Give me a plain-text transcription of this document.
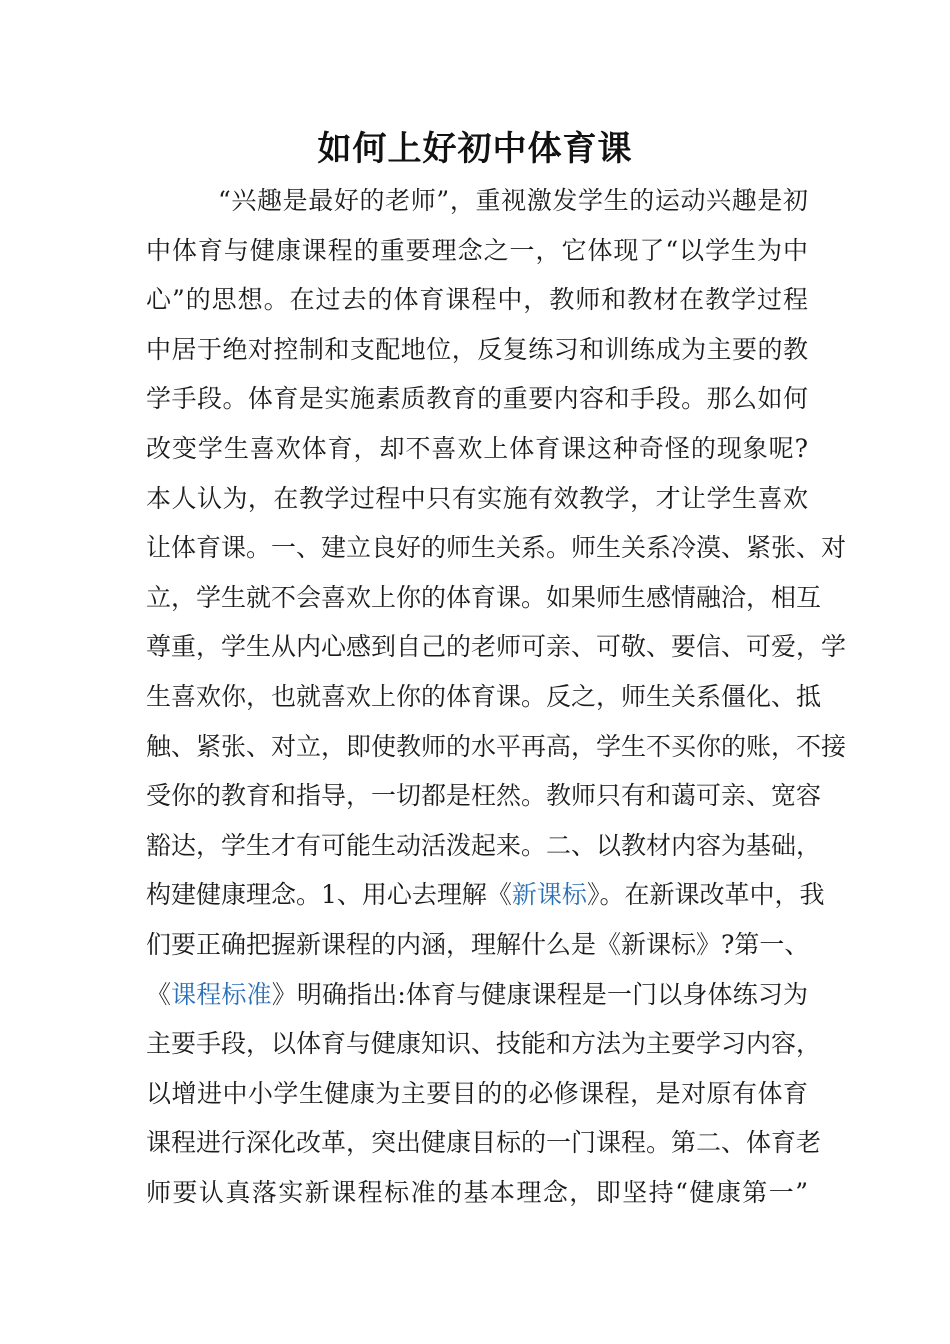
如何上好初中体育课
“兴趣是最好的老师”，重视激发学生的运动兴趣是初
中体育与健康课程的重要理念之一，它体现了“以学生为中
心”的思想。在过去的体育课程中，教师和教材在教学过程
中居于绝对控制和支配地位，反复练习和训练成为主要的教
学手段。体育是实施素质教育的重要内容和手段。那么如何
改变学生喜欢体育，却不喜欢上体育课这种奇怪的现象呢?
本人认为，在教学过程中只有实施有效教学，才让学生喜欢
让体育课。一、建立良好的师生关系。师生关系冷漠、紧张、对
立，学生就不会喜欢上你的体育课。如果师生感情融洽，相互
尊重，学生从内心感到自己的老师可亲、可敬、要信、可爱，学
生喜欢你，也就喜欢上你的体育课。反之，师生关系僵化、抵
触、紧张、对立，即使教师的水平再高，学生不买你的账，不接
受你的教育和指导，一切都是枉然。教师只有和蔼可亲、宽容
豁达，学生才有可能生动活泼起来。二、以教材内容为基础，
构建健康理念。1、用心去理解《新课标》。在新课改革中，我
们要正确把握新课程的内涵，理解什么是《新课标》?第一、
《课程标准》明确指出:体育与健康课程是一门以身体练习为
主要手段，以体育与健康知识、技能和方法为主要学习内容，
以增进中小学生健康为主要目的的必修课程，是对原有体育
课程进行深化改革，突出健康目标的一门课程。第二、体育老
师要认真落实新课程标准的基本理念，即坚持“健康第一”
